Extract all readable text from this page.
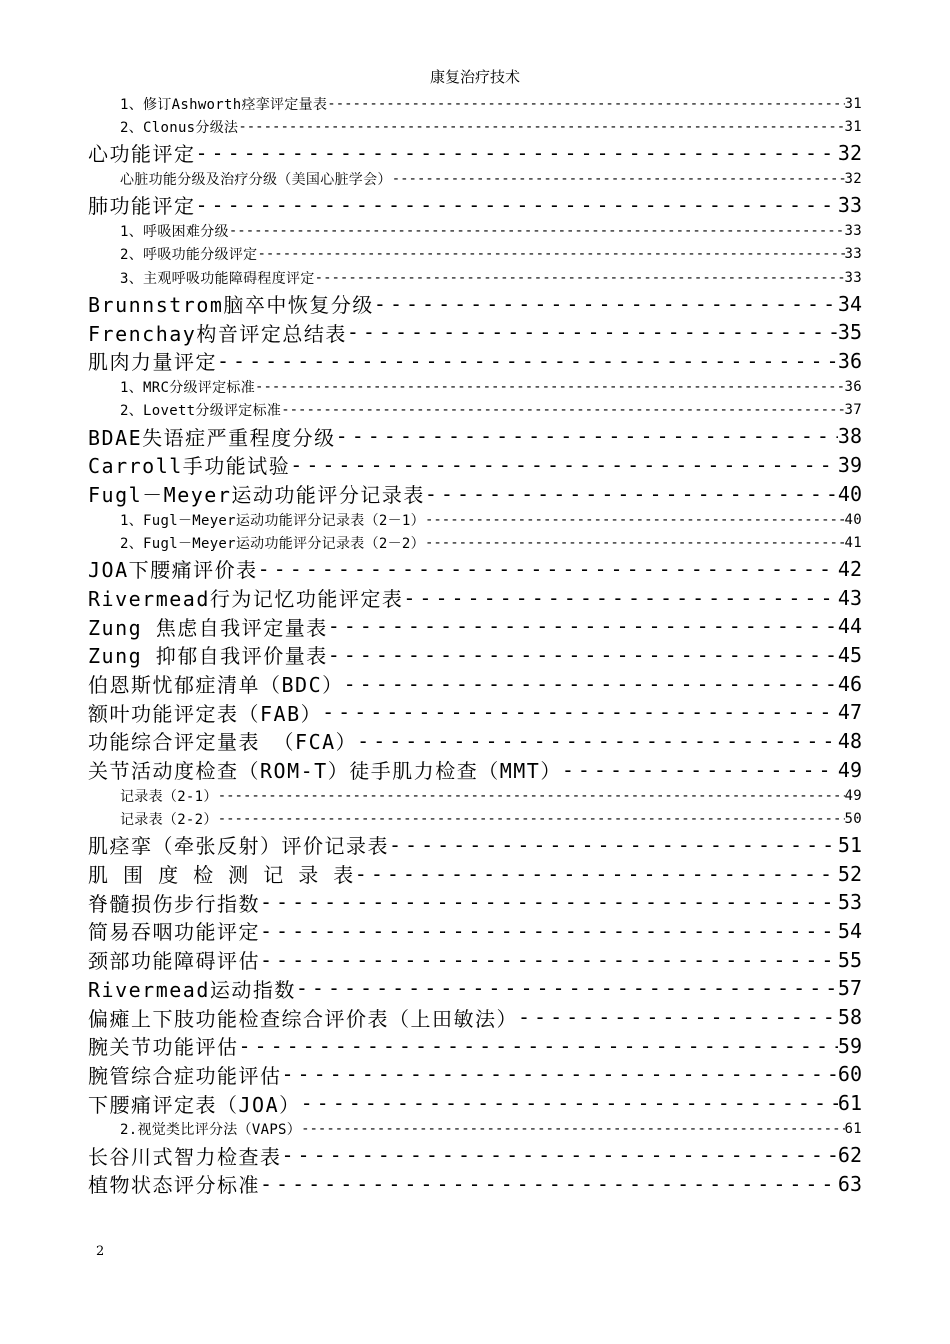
康复治疗技术
1、修订Ashworth痉挛评定量表 -----	31
2、Clonus分级法 -----	31
心功能评定 -----	32
心脏功能分级及治疗分级（美国心脏学会） -----	32
肺功能评定 -----	33
1、呼吸困难分级 -----	33
2、呼吸功能分级评定 -----	33
3、主观呼吸功能障碍程度评定 -----	33
Brunnstrom脑卒中恢复分级 -----	34
Frenchay构音评定总结表 -----	35
肌肉力量评定 -----	36
1、MRC分级评定标准 -----	36
2、Lovett分级评定标准 -----	37
BDAE失语症严重程度分级 -----	38
Carroll手功能试验 -----	39
Fugl－Meyer运动功能评分记录表 -----	40
1、Fugl－Meyer运动功能评分记录表（2－1） -----	40
2、Fugl－Meyer运动功能评分记录表（2－2） -----	41
JOA下腰痛评价表 -----	42
Rivermead行为记忆功能评定表 -----	43
Zung 焦虑自我评定量表 -----	44
Zung 抑郁自我评价量表 -----	45
伯恩斯忧郁症清单（BDC） -----	46
额叶功能评定表（FAB） -----	47
功能综合评定量表 （FCA） -----	48
关节活动度检查（ROM-T）徒手肌力检查（MMT） -----	49
记录表（2-1） -----	49
记录表（2-2） -----	50
肌痉挛（牵张反射）评价记录表 -----	51
肌 围 度 检 测 记 录 表 -----	52
脊髓损伤步行指数 -----	53
简易吞咽功能评定 -----	54
颈部功能障碍评估 -----	55
Rivermead运动指数 -----	57
偏瘫上下肢功能检查综合评价表（上田敏法） -----	58
腕关节功能评估 -----	59
腕管综合症功能评估 -----	60
下腰痛评定表（JOA） -----	61
2.视觉类比评分法（VAPS） -----	61
长谷川式智力检查表 -----	62
植物状态评分标准 -----	63
2
